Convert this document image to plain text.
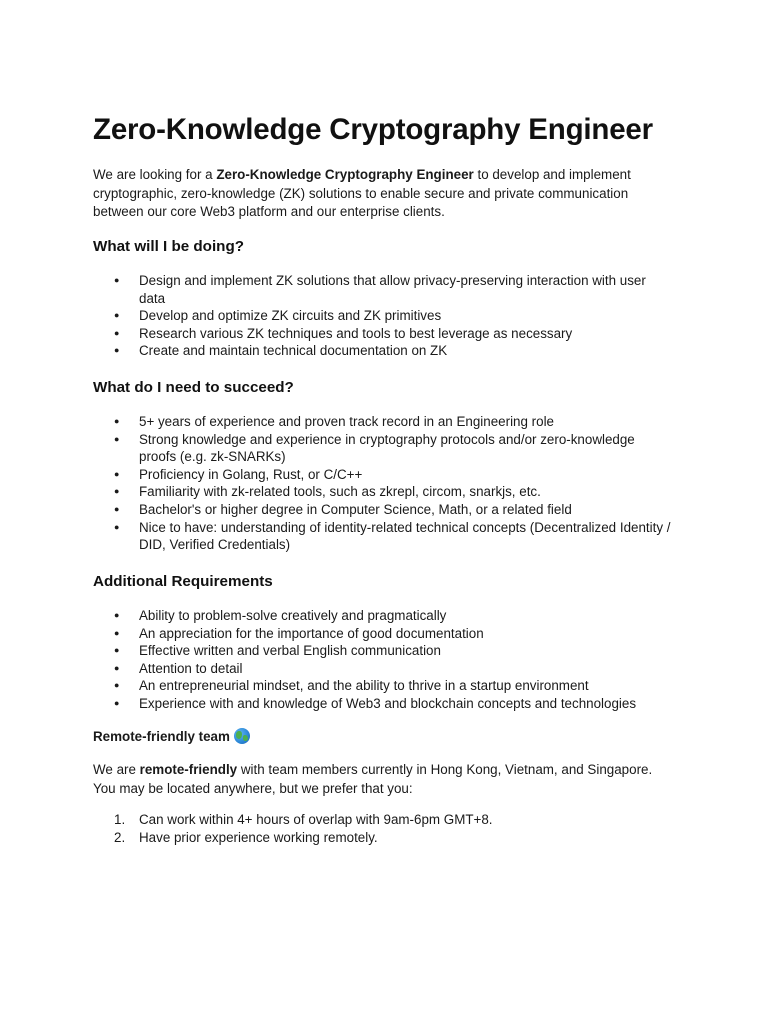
Zero-Knowledge Cryptography Engineer

We are looking for a Zero-Knowledge Cryptography Engineer to develop and implement cryptographic, zero-knowledge (ZK) solutions to enable secure and private communication between our core Web3 platform and our enterprise clients.

What will I be doing?
● Design and implement ZK solutions that allow privacy-preserving interaction with user data
● Develop and optimize ZK circuits and ZK primitives
● Research various ZK techniques and tools to best leverage as necessary
● Create and maintain technical documentation on ZK
What do I need to succeed?
● 5+ years of experience and proven track record in an Engineering role
● Strong knowledge and experience in cryptography protocols and/or zero-knowledge proofs (e.g. zk-SNARKs)
● Proficiency in Golang, Rust, or C/C++
● Familiarity with zk-related tools, such as zkrepl, circom, snarkjs, etc.
● Bachelor's or higher degree in Computer Science, Math, or a related field
● Nice to have: understanding of identity-related technical concepts (Decentralized Identity / DID, Verified Credentials)
Additional Requirements
● Ability to problem-solve creatively and pragmatically
● An appreciation for the importance of good documentation
● Effective written and verbal English communication
● Attention to detail
● An entrepreneurial mindset, and the ability to thrive in a startup environment
● Experience with and knowledge of Web3 and blockchain concepts and technologies

Remote-friendly team

We are remote-friendly with team members currently in Hong Kong, Vietnam, and Singapore. You may be located anywhere, but we prefer that you:

1. Can work within 4+ hours of overlap with 9am-6pm GMT+8.
2. Have prior experience working remotely.
